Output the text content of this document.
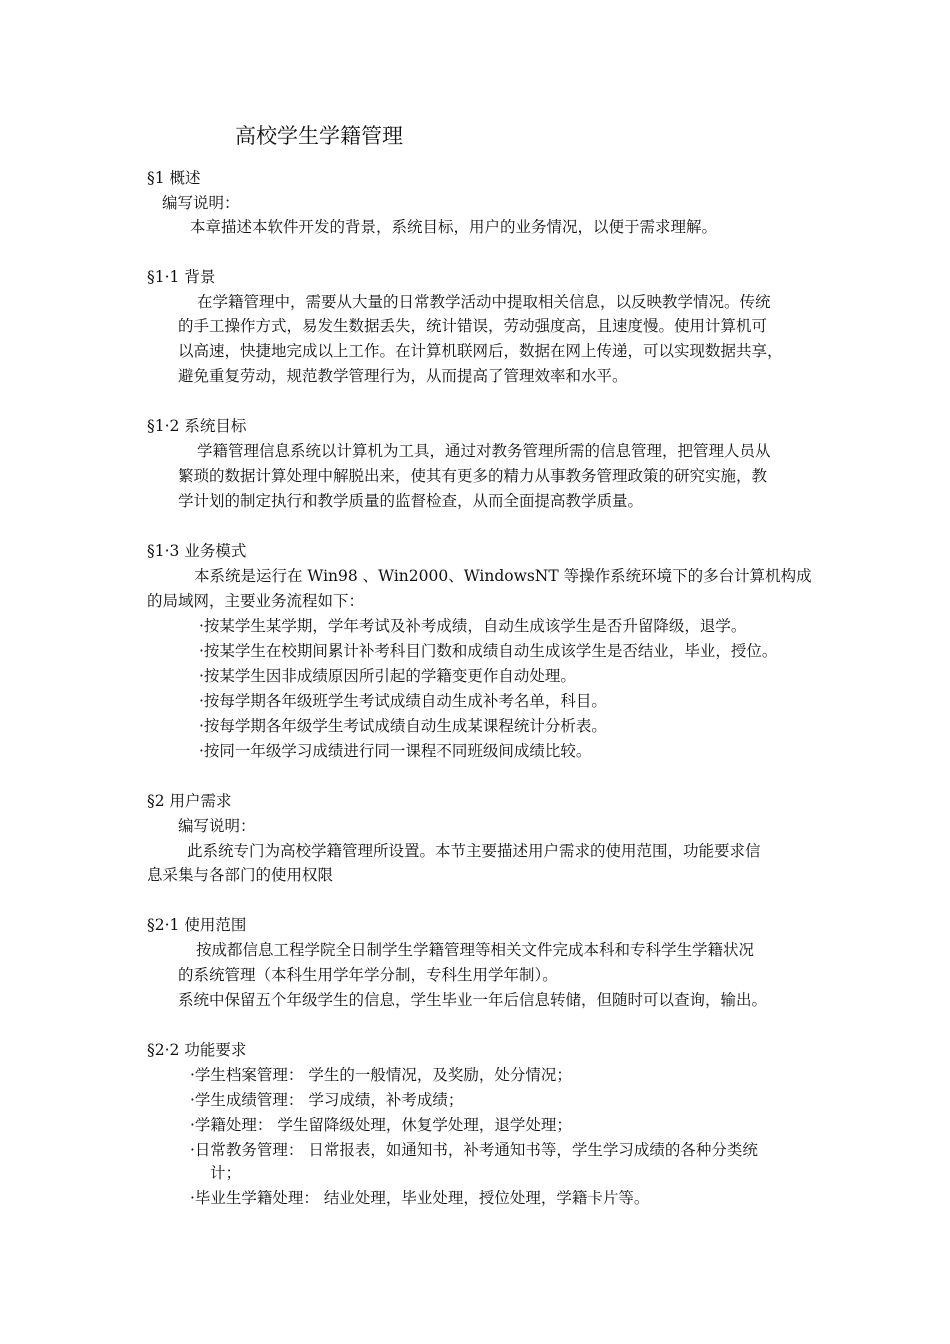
高校学生学籍管理
§1 概述
编写说明：
本章描述本软件开发的背景，系统目标，用户的业务情况，以便于需求理解。
§1·1 背景
在学籍管理中，需要从大量的日常教学活动中提取相关信息，以反映教学情况。传统
的手工操作方式，易发生数据丢失，统计错误，劳动强度高，且速度慢。使用计算机可
以高速，快捷地完成以上工作。在计算机联网后，数据在网上传递，可以实现数据共享，
避免重复劳动，规范教学管理行为，从而提高了管理效率和水平。
§1·2 系统目标
学籍管理信息系统以计算机为工具，通过对教务管理所需的信息管理，把管理人员从
繁琐的数据计算处理中解脱出来，使其有更多的精力从事教务管理政策的研究实施，教
学计划的制定执行和教学质量的监督检查，从而全面提高教学质量。
§1·3 业务模式
本系统是运行在 Win98 、Win2000、WindowsNT 等操作系统环境下的多台计算机构成
的局域网，主要业务流程如下：
·按某学生某学期，学年考试及补考成绩，自动生成该学生是否升留降级，退学。
·按某学生在校期间累计补考科目门数和成绩自动生成该学生是否结业，毕业，授位。
·按某学生因非成绩原因所引起的学籍变更作自动处理。
·按每学期各年级班学生考试成绩自动生成补考名单，科目。
·按每学期各年级学生考试成绩自动生成某课程统计分析表。
·按同一年级学习成绩进行同一课程不同班级间成绩比较。
§2 用户需求
编写说明：
此系统专门为高校学籍管理所设置。本节主要描述用户需求的使用范围，功能要求信
息采集与各部门的使用权限
§2·1 使用范围
按成都信息工程学院全日制学生学籍管理等相关文件完成本科和专科学生学籍状况
的系统管理（本科生用学年学分制，专科生用学年制）。
系统中保留五个年级学生的信息，学生毕业一年后信息转储，但随时可以查询，输出。
§2·2 功能要求
·学生档案管理： 学生的一般情况，及奖励，处分情况；
·学生成绩管理： 学习成绩，补考成绩；
·学籍处理： 学生留降级处理，休复学处理，退学处理；
·日常教务管理： 日常报表，如通知书，补考通知书等，学生学习成绩的各种分类统
计；
·毕业生学籍处理： 结业处理，毕业处理，授位处理，学籍卡片等。
